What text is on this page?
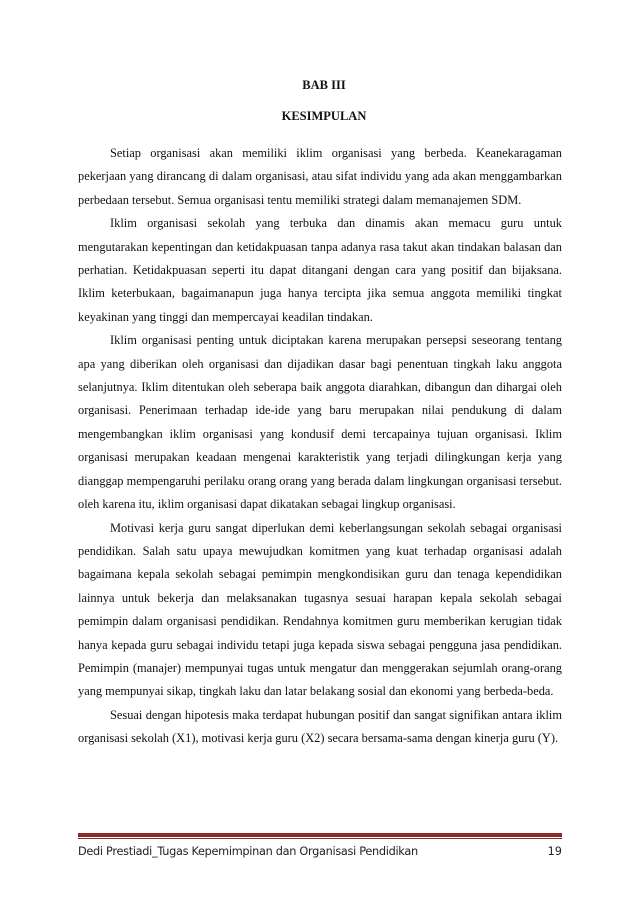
BAB III
KESIMPULAN

Setiap organisasi akan memiliki iklim organisasi yang berbeda. Keanekaragaman pekerjaan yang dirancang di dalam organisasi, atau sifat individu yang ada akan menggambarkan perbedaan tersebut. Semua organisasi tentu memiliki strategi dalam memanajemen SDM.

Iklim organisasi sekolah yang terbuka dan dinamis akan memacu guru untuk mengutarakan kepentingan dan ketidakpuasan tanpa adanya rasa takut akan tindakan balasan dan perhatian. Ketidakpuasan seperti itu dapat ditangani dengan cara yang positif dan bijaksana. Iklim keterbukaan, bagaimanapun juga hanya tercipta jika semua anggota memiliki tingkat keyakinan yang tinggi dan mempercayai keadilan tindakan.

Iklim organisasi penting untuk diciptakan karena merupakan persepsi seseorang tentang apa yang diberikan oleh organisasi dan dijadikan dasar bagi penentuan tingkah laku anggota selanjutnya. Iklim ditentukan oleh seberapa baik anggota diarahkan, dibangun dan dihargai oleh organisasi. Penerimaan terhadap ide-ide yang baru merupakan nilai pendukung di dalam mengembangkan iklim organisasi yang kondusif demi tercapainya tujuan organisasi. Iklim organisasi merupakan keadaan mengenai karakteristik yang terjadi dilingkungan kerja yang dianggap mempengaruhi perilaku orang orang yang berada dalam lingkungan organisasi tersebut. oleh karena itu, iklim organisasi dapat dikatakan sebagai lingkup organisasi.

Motivasi kerja guru sangat diperlukan demi keberlangsungan sekolah sebagai organisasi pendidikan. Salah satu upaya mewujudkan komitmen yang kuat terhadap organisasi adalah bagaimana kepala sekolah sebagai pemimpin mengkondisikan guru dan tenaga kependidikan lainnya untuk bekerja dan melaksanakan tugasnya sesuai harapan kepala sekolah sebagai pemimpin dalam organisasi pendidikan. Rendahnya komitmen guru memberikan kerugian tidak hanya kepada guru sebagai individu tetapi juga kepada siswa sebagai pengguna jasa pendidikan. Pemimpin (manajer) mempunyai tugas untuk mengatur dan menggerakan sejumlah orang-orang yang mempunyai sikap, tingkah laku dan latar belakang sosial dan ekonomi yang berbeda-beda.

Sesuai dengan hipotesis maka terdapat hubungan positif dan sangat signifikan antara iklim organisasi sekolah (X1), motivasi kerja guru (X2) secara bersama-sama dengan kinerja guru (Y).

Dedi Prestiadi_Tugas Kepemimpinan dan Organisasi Pendidikan	19
